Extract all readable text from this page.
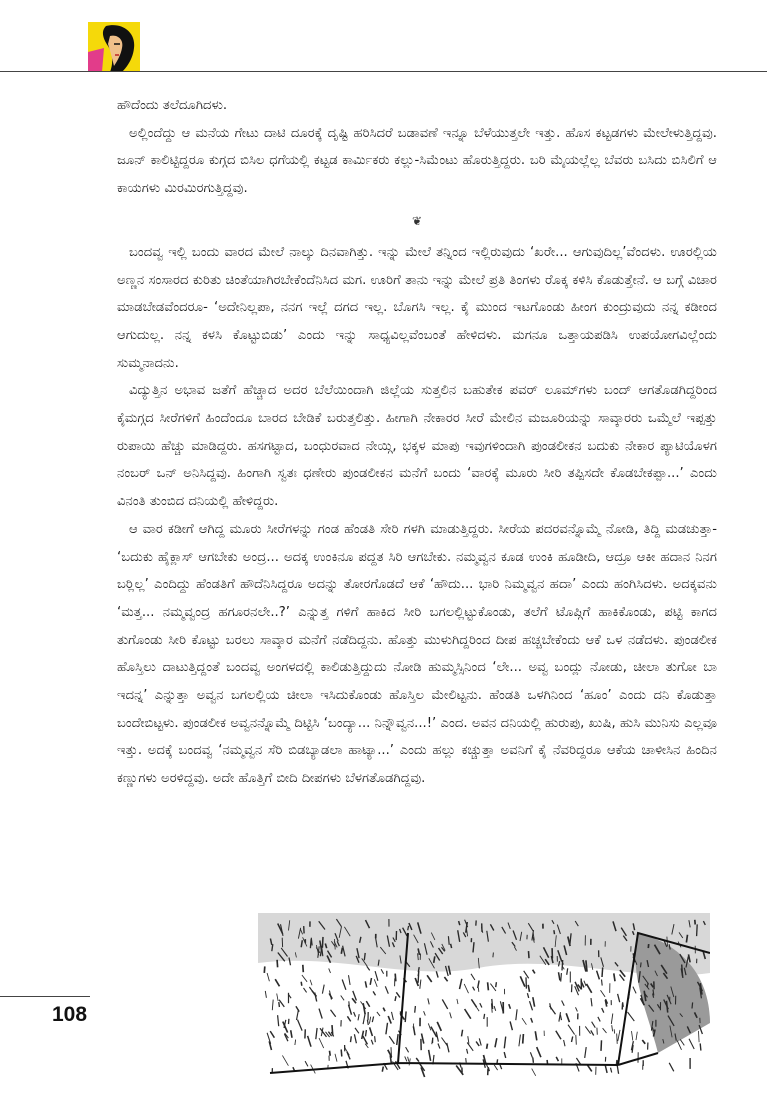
ಹೌದೆಂದು ತಲೆದೂಗಿದಳು.

ಅಲ್ಲಿಂದೆದ್ದು ಆ ಮನೆಯ ಗೇಟು ದಾಟಿ ದೂರಕ್ಕೆ ದೃಷ್ಟಿ ಹರಿಸಿದರೆ ಬಡಾವಣೆ ಇನ್ನೂ ಬೆಳೆಯುತ್ತಲೇ ಇತ್ತು. ಹೊಸ ಕಟ್ಟಡಗಳು ಮೇಲೇಳುತ್ತಿದ್ದವು. ಜೂನ್ ಕಾಲಿಟ್ಟಿದ್ದರೂ ಕುಗ್ಗದ ಬಿಸಿಲ ಧಗೆಯಲ್ಲಿ ಕಟ್ಟಡ ಕಾರ್ಮಿಕರು ಕಲ್ಲು-ಸಿಮೆಂಟು ಹೊರುತ್ತಿದ್ದರು. ಬರಿ ಮೈಯಲ್ಲೆಲ್ಲ ಬೆವರು ಬಸಿದು ಬಿಸಿಲಿಗೆ ಆ ಕಾಯಗಳು ಮಿರಮಿರಗುತ್ತಿದ್ದವು.

❦

ಬಂದವ್ವ ಇಲ್ಲಿ ಬಂದು ವಾರದ ಮೇಲೆ ನಾಲ್ಕು ದಿನವಾಗಿತ್ತು. ಇನ್ನು ಮೇಲೆ ತನ್ನಿಂದ ಇಲ್ಲಿರುವುದು ‘ಖರೇ... ಆಗುವುದಿಲ್ಲ’ವೆಂದಳು. ಊರಲ್ಲಿಯ ಅಣ್ಣನ ಸಂಸಾರದ ಕುರಿತು ಚಿಂತೆಯಾಗಿರಬೇಕೆಂದೆನಿಸಿದ ಮಗ. ಊರಿಗೆ ತಾನು ಇನ್ನು ಮೇಲೆ ಪ್ರತಿ ತಿಂಗಳು ರೊಕ್ಕ ಕಳಿಸಿ ಕೊಡುತ್ತೇನೆ. ಆ ಬಗ್ಗೆ ವಿಚಾರ ಮಾಡಬೇಡವೆಂದರೂ- ‘ಅದೇನಿಲ್ಲಪಾ, ನನಗ ಇಲ್ಲೆ ದಗದ ಇಲ್ಲ. ಬೊಗಸಿ ಇಲ್ಲ. ಕೈ ಮುಂದ ಇಟಗೊಂಡು ಹೀಂಗ ಕುಂದ್ರುವುದು ನನ್ನ ಕಡೀಂದ ಆಗುದುಲ್ಲ. ನನ್ನ ಕಳಸಿ ಕೊಟ್ಟುಬಿಡು’ ಎಂದು ಇನ್ನು ಸಾಧ್ಯವಿಲ್ಲವೆಂಬಂತೆ ಹೇಳಿದಳು. ಮಗನೂ ಒತ್ತಾಯಪಡಿಸಿ ಉಪಯೋಗವಿಲ್ಲೆಂದು ಸುಮ್ಮನಾದನು.

ವಿದ್ಯುತ್ತಿನ ಅಭಾವ ಜತೆಗೆ ಹೆಚ್ಚಾದ ಅದರ ಬೆಲೆಯಿಂದಾಗಿ ಜಿಲ್ಲೆಯ ಸುತ್ತಲಿನ ಬಹುತೇಕ ಪವರ್ ಲೂಮ್‌ಗಳು ಬಂದ್ ಆಗತೊಡಗಿದ್ದರಿಂದ ಕೈಮಗ್ಗದ ಸೀರೆಗಳಿಗೆ ಹಿಂದೆಂದೂ ಬಾರದ ಬೇಡಿಕೆ ಬರುತ್ತಲಿತ್ತು. ಹೀಗಾಗಿ ನೇಕಾರರ ಸೀರೆ ಮೇಲಿನ ಮಜೂರಿಯನ್ನು ಸಾವ್ಕಾರರು ಒಮ್ಮೆಲೆ ಇಪ್ಪತ್ತು ರುಪಾಯಿ ಹೆಚ್ಚು ಮಾಡಿದ್ದರು. ಹಸಗಟ್ಟಾದ, ಬಂಧುರವಾದ ನೇಯ್ಗಿ, ಭಕ್ಕಳ ಮಾಪು ಇವುಗಳಿಂದಾಗಿ ಪುಂಡಲೀಕನ ಬದುಕು ನೇಕಾರ ಪ್ಯಾಟಿಯೊಳಗ ನಂಬರ್ ಒನ್ ಅನಿಸಿದ್ದವು. ಹಿಂಗಾಗಿ ಸ್ವತಃ ಧಣೇರು ಪುಂಡಲೀಕನ ಮನೆಗೆ ಬಂದು ‘ವಾರಕ್ಕೆ ಮೂರು ಸೀರಿ ತಪ್ಪಿಸದೇ ಕೊಡಬೇಕಪ್ಪಾ...’ ಎಂದು ವಿನಂತಿ ತುಂಬಿದ ದನಿಯಲ್ಲಿ ಹೇಳಿದ್ದರು.

ಆ ವಾರ ಕಡೀಗೆ ಆಗಿದ್ದ ಮೂರು ಸೀರೆಗಳನ್ನು ಗಂಡ ಹೆಂಡತಿ ಸೇರಿ ಗಳಗಿ ಮಾಡುತ್ತಿದ್ದರು. ಸೀರೆಯ ಪದರವನ್ನೊಮ್ಮೆ ನೋಡಿ, ತಿದ್ದಿ ಮಡಚುತ್ತಾ- ‘ಬದುಕು ಹೈಕ್ಲಾಸ್ ಆಗಬೇಕು ಅಂದ್ರ... ಅದಕ್ಕ ಉಂಕಿನೂ ಪದ್ದತ ಸಿರಿ ಆಗಬೇಕು. ನಮ್ಮವ್ವನ ಕೂಡ ಉಂಕಿ ಹೂಡೀದಿ, ಆದ್ರೂ ಆಕೀ ಹದಾನ ನಿನಗ ಬರ್‍ಲಿಲ್ಲ’ ಎಂದಿದ್ದು ಹೆಂಡತಿಗೆ ಹೌದೆನಿಸಿದ್ದರೂ ಅದನ್ನು ತೋರಗೊಡದೆ ಆಕೆ ‘ಹೌದು... ಭಾರಿ ನಿಮ್ಮವ್ವನ ಹದಾ’ ಎಂದು ಹಂಗಿಸಿದಳು. ಅದಕ್ಕವನು ‘ಮತ್ತ... ನಮ್ಮವ್ವಂದ್ರ ಹಗೂರನಲೇ..?’ ಎನ್ನುತ್ತ ಗಳಿಗೆ ಹಾಕಿದ ಸೀರಿ ಬಗಲಲ್ಲಿಟ್ಟುಕೊಂಡು, ತಲೆಗೆ ಟೊಪ್ಗಿಗೆ ಹಾಕಿಕೊಂಡು, ಪಟ್ಟಿ ಕಾಗದ ತುಗೊಂಡು ಸೀರಿ ಕೊಟ್ಟು ಬರಲು ಸಾವ್ಕಾರ ಮನೆಗೆ ನಡೆದಿದ್ದನು. ಹೊತ್ತು ಮುಳುಗಿದ್ದರಿಂದ ದೀಪ ಹಚ್ಚಬೇಕೆಂದು ಆಕೆ ಒಳ ನಡೆದಳು. ಪುಂಡಲೀಕ ಹೊಸ್ತಿಲು ದಾಟುತ್ತಿದ್ದಂತೆ ಬಂದವ್ವ ಅಂಗಳದಲ್ಲಿ ಕಾಲಿಡುತ್ತಿದ್ದುದು ನೋಡಿ ಹುಮ್ಮಸ್ಸಿನಿಂದ ‘ಲೇ... ಅವ್ವ ಬಂದ್ಲು ನೋಡು, ಚೀಲಾ ತುಗೋ ಬಾ ಇದನ್ನ’ ಎನ್ನುತ್ತಾ ಅವ್ವನ ಬಗಲಲ್ಲಿಯ ಚೀಲಾ ಇಸಿದುಕೊಂಡು ಹೊಸ್ತಿಲ ಮೇಲಿಟ್ಟನು. ಹೆಂಡತಿ ಒಳಗಿನಿಂದ ‘ಹೂಂ’ ಎಂದು ದನಿ ಕೊಡುತ್ತಾ ಬಂದೇಬಿಟ್ಟಳು. ಪುಂಡಲೀಕ ಅವ್ವನನ್ನೊಮ್ಮೆ ದಿಟ್ಟಿಸಿ ‘ಬಂದ್ಯಾ... ನಿನ್ನೌವ್ವನ...!’ ಎಂದ. ಅವನ ದನಿಯಲ್ಲಿ ಹುರುಪು, ಖುಷಿ, ಹುಸಿ ಮುನಿಸು ಎಲ್ಲವೂ ಇತ್ತು. ಅದಕ್ಕೆ ಬಂದವ್ವ ‘ನಮ್ಮವ್ವನ ಸೆರಿ ಬಿಡಬ್ಯಾಡಲಾ ಹಾಟ್ಯಾ...’ ಎಂದು ಹಲ್ಲು ಕಚ್ಚುತ್ತಾ ಅವನಿಗೆ ಕೈ ನೆವರಿದ್ದರೂ ಆಕೆಯ ಚಾಳೀಸಿನ ಹಿಂದಿನ ಕಣ್ಣುಗಳು ಅರಳಿದ್ದವು. ಅದೇ ಹೊತ್ತಿಗೆ ಬೀದಿ ದೀಪಗಳು ಬೆಳಗತೊಡಗಿದ್ದವು.

108
